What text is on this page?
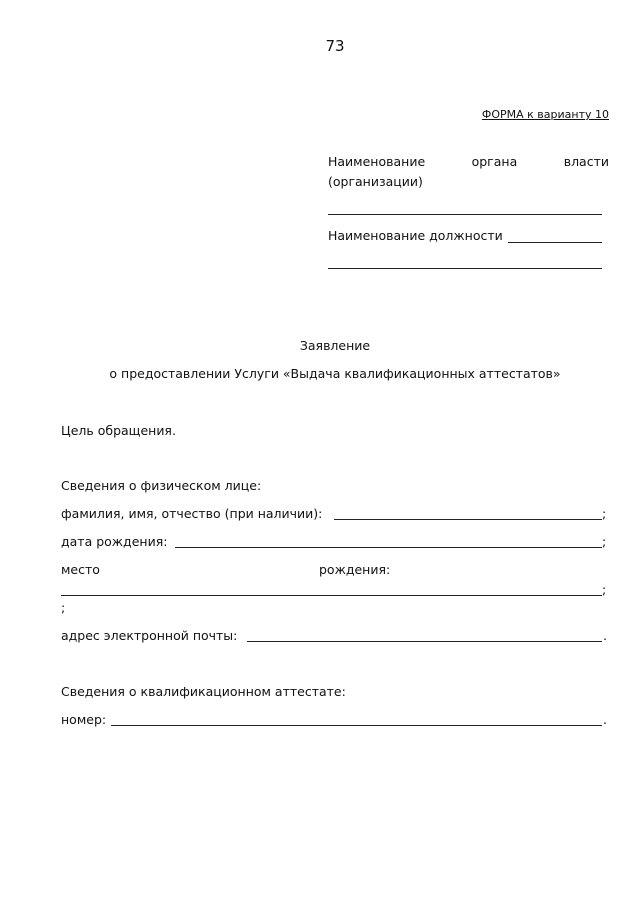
73
ФОРМА к варианту 10
Наименование	органа	власти
(организации)
Наименование должности
Заявление
о предоставлении Услуги «Выдача квалификационных аттестатов»
Цель обращения.
Сведения о физическом лице:
фамилия, имя, отчество (при наличии):	;
дата рождения:	;
место	рождения:
;
;
адрес электронной почты:	.
Сведения о квалификационном аттестате:
номер:	.
